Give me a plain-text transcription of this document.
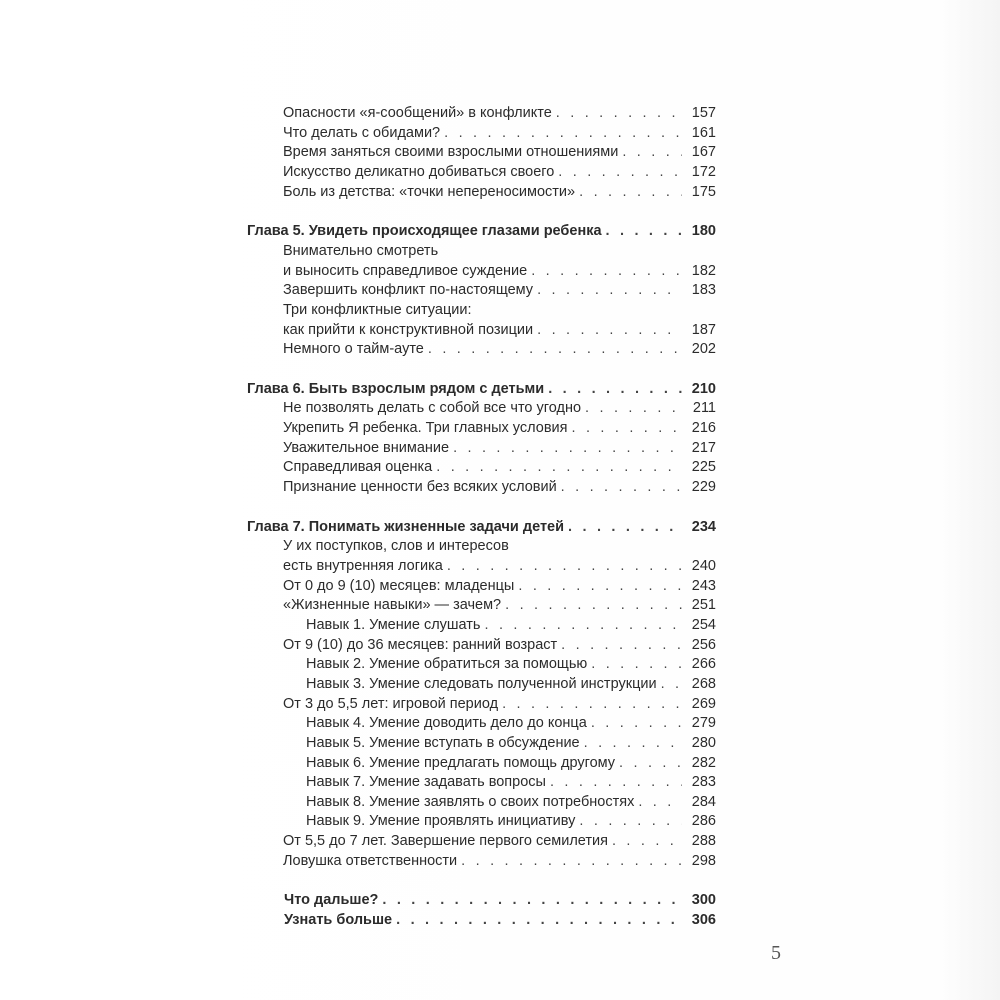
Опасности «я-сообщений» в конфликте . . .	157
Что делать с обидами? . . .	161
Время заняться своими взрослыми отношениями . . .	167
Искусство деликатно добиваться своего . . .	172
Боль из детства: «точки непереносимости» . . .	175
Глава 5. Увидеть происходящее глазами ребенка . . .	180
Внимательно смотреть
и выносить справедливое суждение . . .	182
Завершить конфликт по-настоящему . . .	183
Три конфликтные ситуации:
как прийти к конструктивной позиции . . .	187
Немного о тайм-ауте . . .	202
Глава 6. Быть взрослым рядом с детьми . . .	210
Не позволять делать с собой все что угодно . . .	211
Укрепить Я ребенка. Три главных условия . . .	216
Уважительное внимание . . .	217
Справедливая оценка . . .	225
Признание ценности без всяких условий . . .	229
Глава 7. Понимать жизненные задачи детей . . .	234
У их поступков, слов и интересов
есть внутренняя логика . . .	240
От 0 до 9 (10) месяцев: младенцы . . .	243
«Жизненные навыки» — зачем? . . .	251
Навык 1. Умение слушать . . .	254
От 9 (10) до 36 месяцев: ранний возраст . . .	256
Навык 2. Умение обратиться за помощью . . .	266
Навык 3. Умение следовать полученной инструкции . . .	268
От 3 до 5,5 лет: игровой период . . .	269
Навык 4. Умение доводить дело до конца . . .	279
Навык 5. Умение вступать в обсуждение . . .	280
Навык 6. Умение предлагать помощь другому . . .	282
Навык 7. Умение задавать вопросы . . .	283
Навык 8. Умение заявлять о своих потребностях . . .	284
Навык 9. Умение проявлять инициативу . . .	286
От 5,5 до 7 лет. Завершение первого семилетия . . .	288
Ловушка ответственности . . .	298
Что дальше? . . .	300
Узнать больше . . .	306
5
